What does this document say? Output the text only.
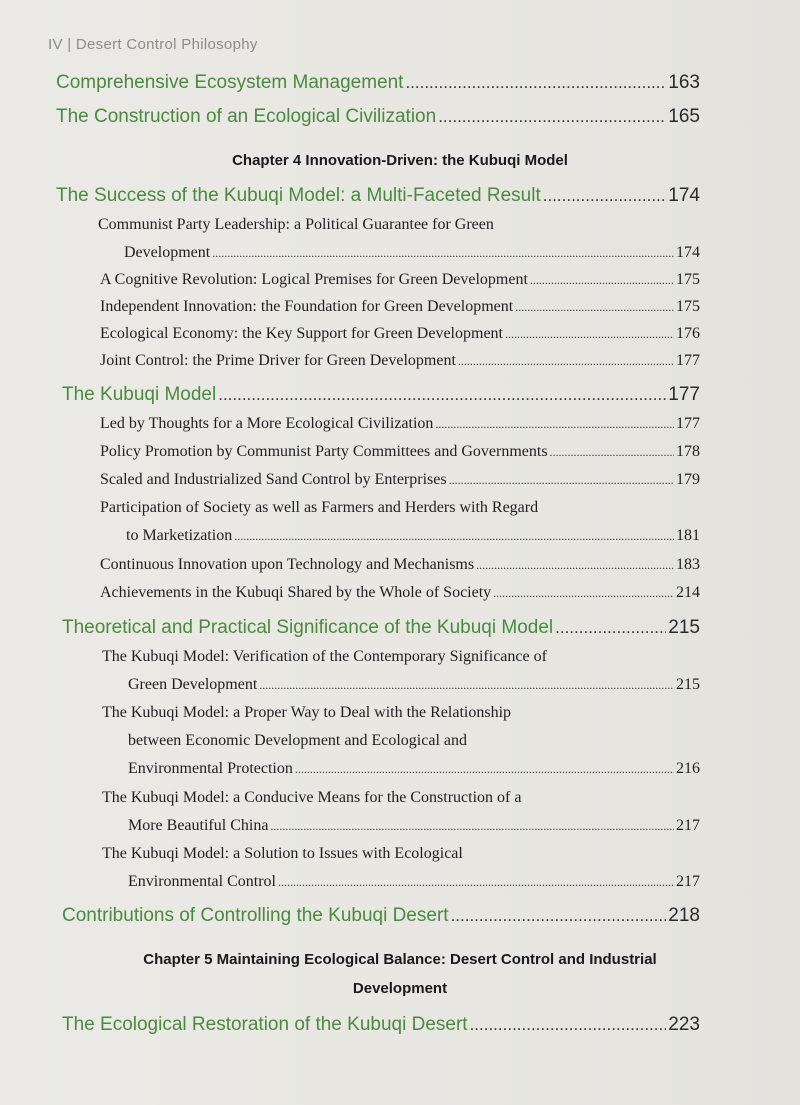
IV | Desert Control Philosophy
Comprehensive Ecosystem Management .....	163
The Construction of an Ecological Civilization .....	165
Chapter 4 Innovation-Driven: the Kubuqi Model
The Success of the Kubuqi Model: a Multi-Faceted Result .....	174
Communist Party Leadership: a Political Guarantee for Green
Development .....	174
A Cognitive Revolution: Logical Premises for Green Development .....	175
Independent Innovation: the Foundation for Green Development .....	175
Ecological Economy: the Key Support for Green Development .....	176
Joint Control: the Prime Driver for Green Development .....	177
The Kubuqi Model .....	177
Led by Thoughts for a More Ecological Civilization .....	177
Policy Promotion by Communist Party Committees and Governments .....	178
Scaled and Industrialized Sand Control by Enterprises .....	179
Participation of Society as well as Farmers and Herders with Regard
to Marketization .....	181
Continuous Innovation upon Technology and Mechanisms .....	183
Achievements in the Kubuqi Shared by the Whole of Society .....	214
Theoretical and Practical Significance of the Kubuqi Model .....	215
The Kubuqi Model: Verification of the Contemporary Significance of
Green Development .....	215
The Kubuqi Model: a Proper Way to Deal with the Relationship
between Economic Development and Ecological and
Environmental Protection .....	216
The Kubuqi Model: a Conducive Means for the Construction of a
More Beautiful China .....	217
The Kubuqi Model: a Solution to Issues with Ecological
Environmental Control .....	217
Contributions of Controlling the Kubuqi Desert .....	218
Chapter 5 Maintaining Ecological Balance: Desert Control and Industrial
Development
The Ecological Restoration of the Kubuqi Desert .....	223
